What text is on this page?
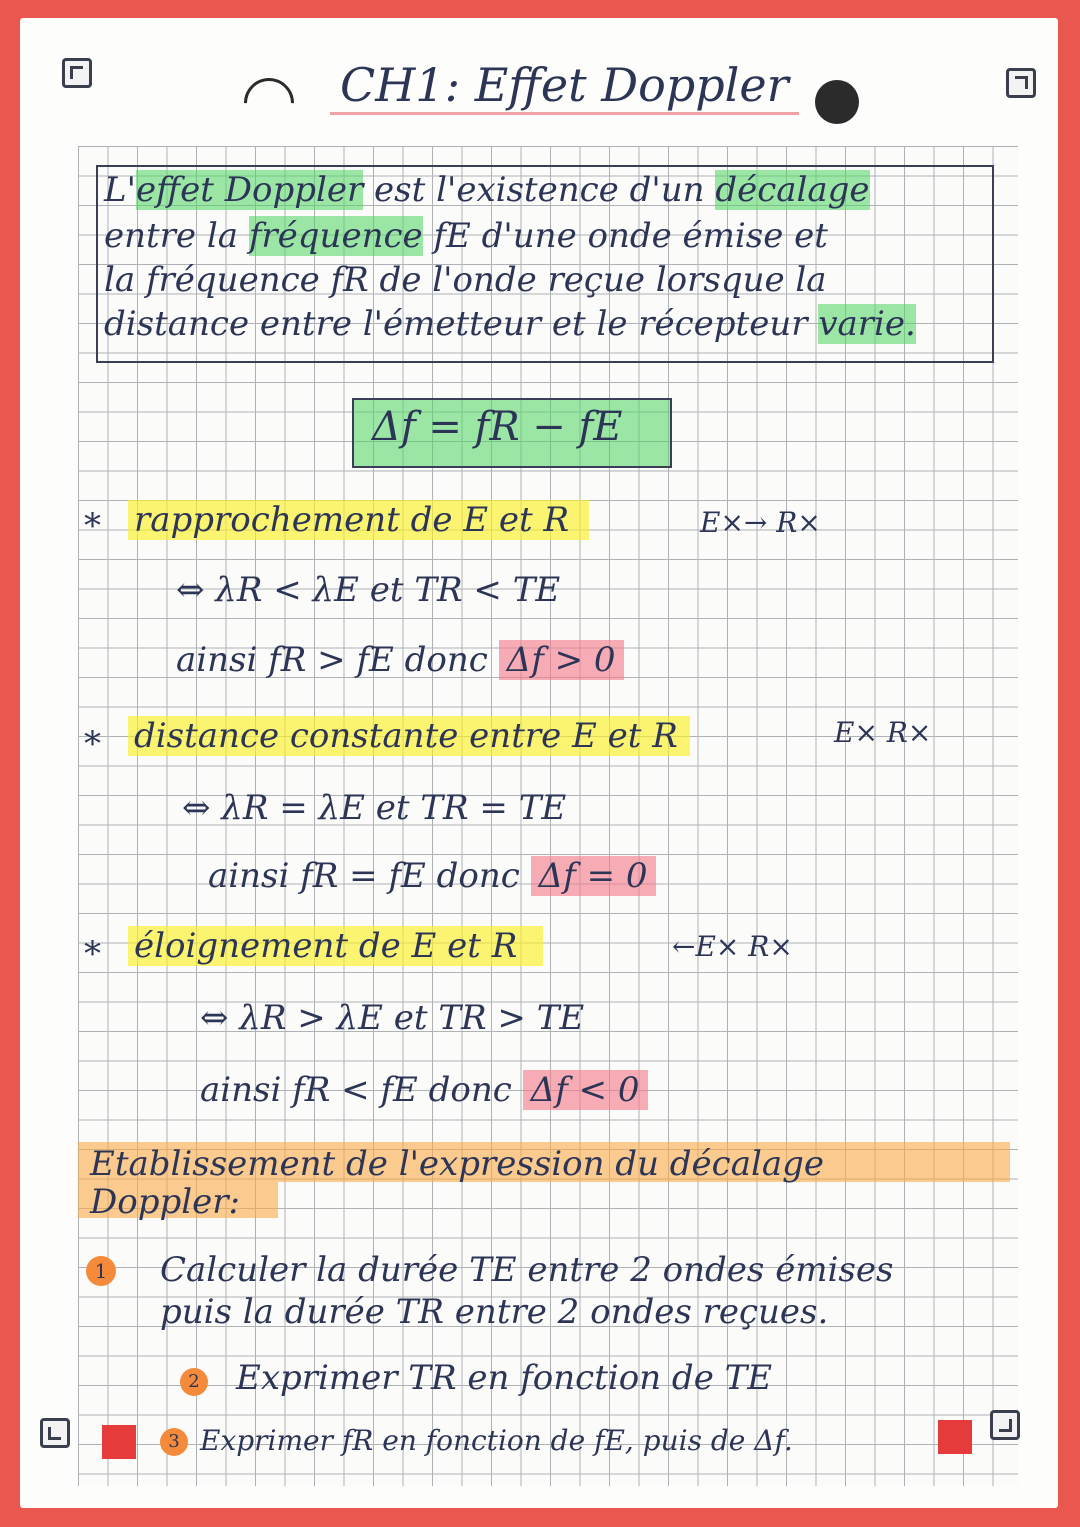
CH1: Effet Doppler
L'effet Doppler est l'existence d'un décalage
entre la fréquence fE d'une onde émise et
la fréquence fR de l'onde reçue lorsque la
distance entre l'émetteur et le récepteur varie.
Δf = fR − fE
* rapprochement de E et R	E×→ R×
⇔ λR < λE et TR < TE
ainsi fR > fE donc Δf > 0
* distance constante entre E et R	E× R×
⇔ λR = λE et TR = TE
ainsi fR = fE donc Δf = 0
* éloignement de E et R	←E× R×
⇔ λR > λE et TR > TE
ainsi fR < fE donc Δf < 0
Etablissement de l'expression du décalage
Doppler:
1 Calculer la durée TE entre 2 ondes émises
puis la durée TR entre 2 ondes reçues.
2 Exprimer TR en fonction de TE
3 Exprimer fR en fonction de fE, puis de Δf.
